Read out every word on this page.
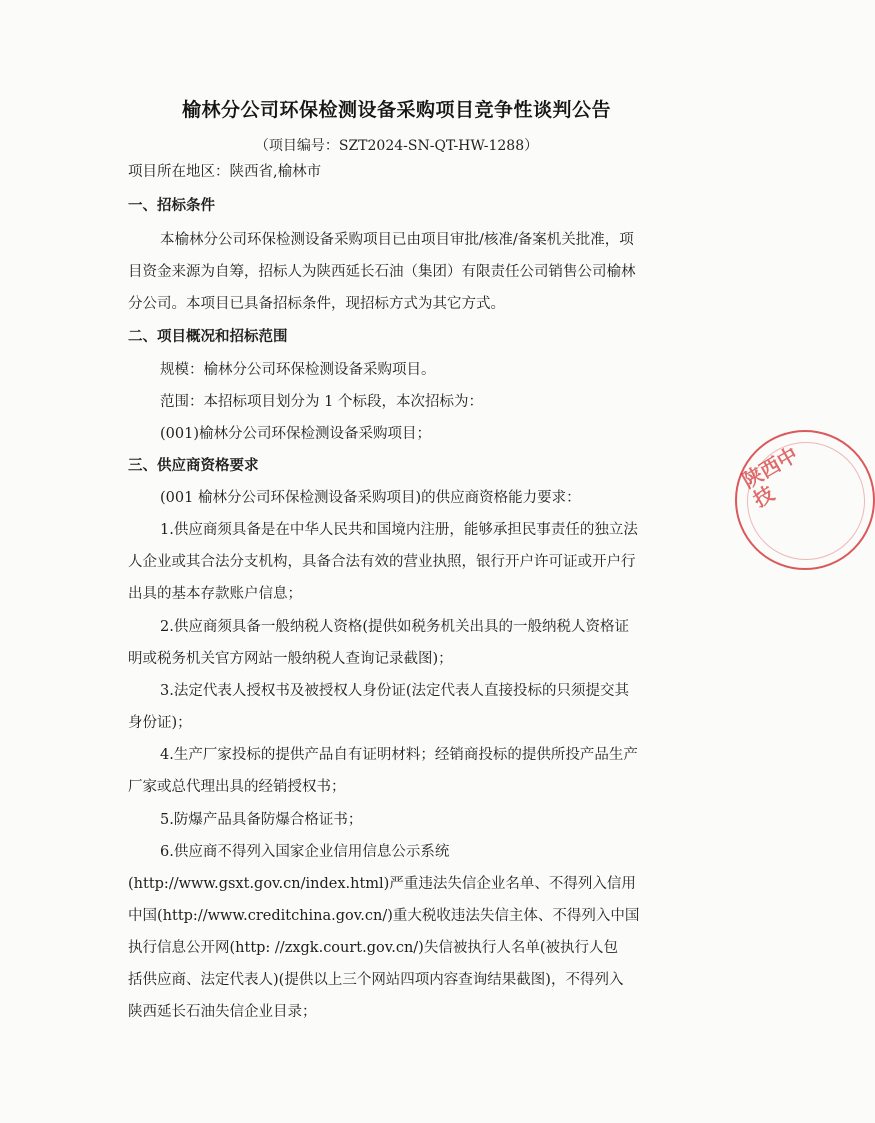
榆林分公司环保检测设备采购项目竞争性谈判公告
（项目编号：SZT2024-SN-QT-HW-1288）
项目所在地区：陕西省,榆林市
一、招标条件
本榆林分公司环保检测设备采购项目已由项目审批/核准/备案机关批准，项
目资金来源为自筹，招标人为陕西延长石油（集团）有限责任公司销售公司榆林
分公司。本项目已具备招标条件，现招标方式为其它方式。
二、项目概况和招标范围
规模：榆林分公司环保检测设备采购项目。
范围：本招标项目划分为 1 个标段，本次招标为：
(001)榆林分公司环保检测设备采购项目；
三、供应商资格要求
(001 榆林分公司环保检测设备采购项目)的供应商资格能力要求：
1.供应商须具备是在中华人民共和国境内注册，能够承担民事责任的独立法
人企业或其合法分支机构，具备合法有效的营业执照，银行开户许可证或开户行
出具的基本存款账户信息；
2.供应商须具备一般纳税人资格(提供如税务机关出具的一般纳税人资格证
明或税务机关官方网站一般纳税人查询记录截图)；
3.法定代表人授权书及被授权人身份证(法定代表人直接投标的只须提交其
身份证)；
4.生产厂家投标的提供产品自有证明材料；经销商投标的提供所投产品生产
厂家或总代理出具的经销授权书；
5.防爆产品具备防爆合格证书；
6.供应商不得列入国家企业信用信息公示系统
(http://www.gsxt.gov.cn/index.html)严重违法失信企业名单、不得列入信用
中国(http://www.creditchina.gov.cn/)重大税收违法失信主体、不得列入中国
执行信息公开网(http: //zxgk.court.gov.cn/)失信被执行人名单(被执行人包
括供应商、法定代表人)(提供以上三个网站四项内容查询结果截图)，不得列入
陕西延长石油失信企业目录；
陕西中技
